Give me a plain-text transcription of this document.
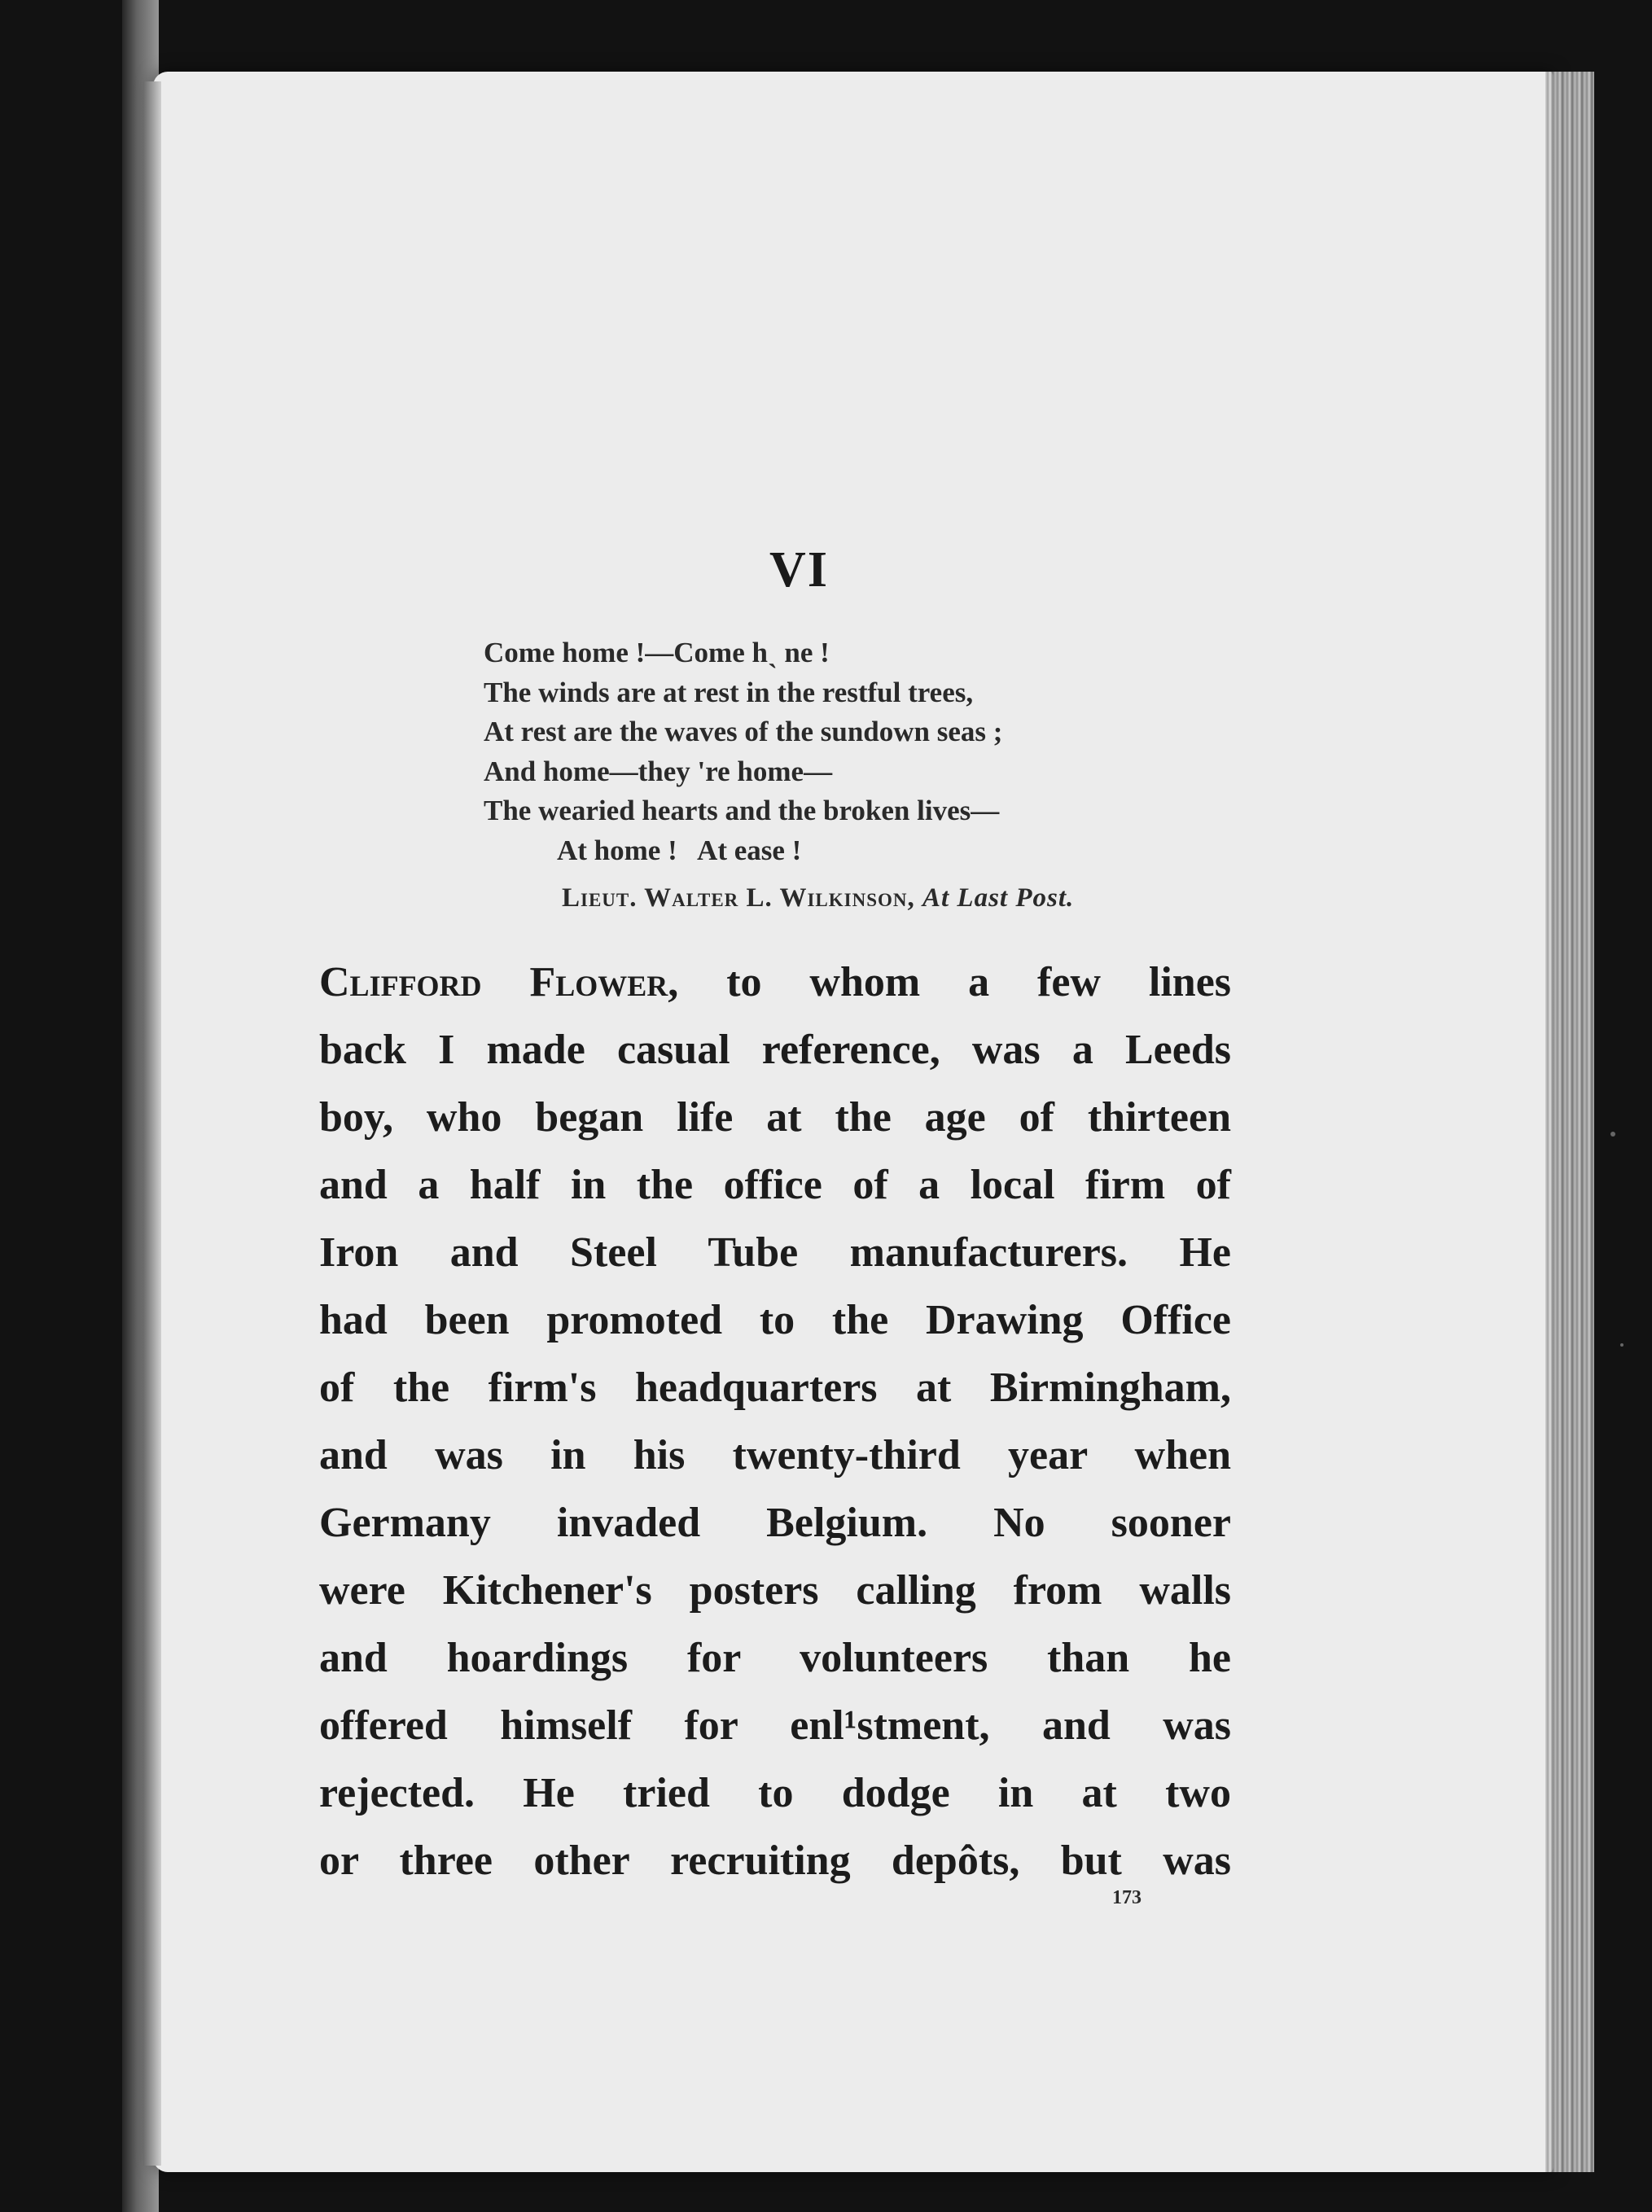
VI
Come home !—Come hˎ ne !
The winds are at rest in the restful trees,
At rest are the waves of the sundown seas ;
And home—they 're home—
The wearied hearts and the broken lives—
At home !   At ease !
Lieut. Walter L. Wilkinson, At Last Post.
Clifford Flower, to whom a few lines
back I made casual reference, was a Leeds
boy, who began life at the age of thirteen
and a half in the office of a local firm of
Iron and Steel Tube manufacturers. He
had been promoted to the Drawing Office
of the firm's headquarters at Birmingham,
and was in his twenty-third year when
Germany invaded Belgium. No sooner
were Kitchener's posters calling from walls
and hoardings for volunteers than he
offered himself for enl¹stment, and was
rejected. He tried to dodge in at two
or three other recruiting depôts, but was
173
